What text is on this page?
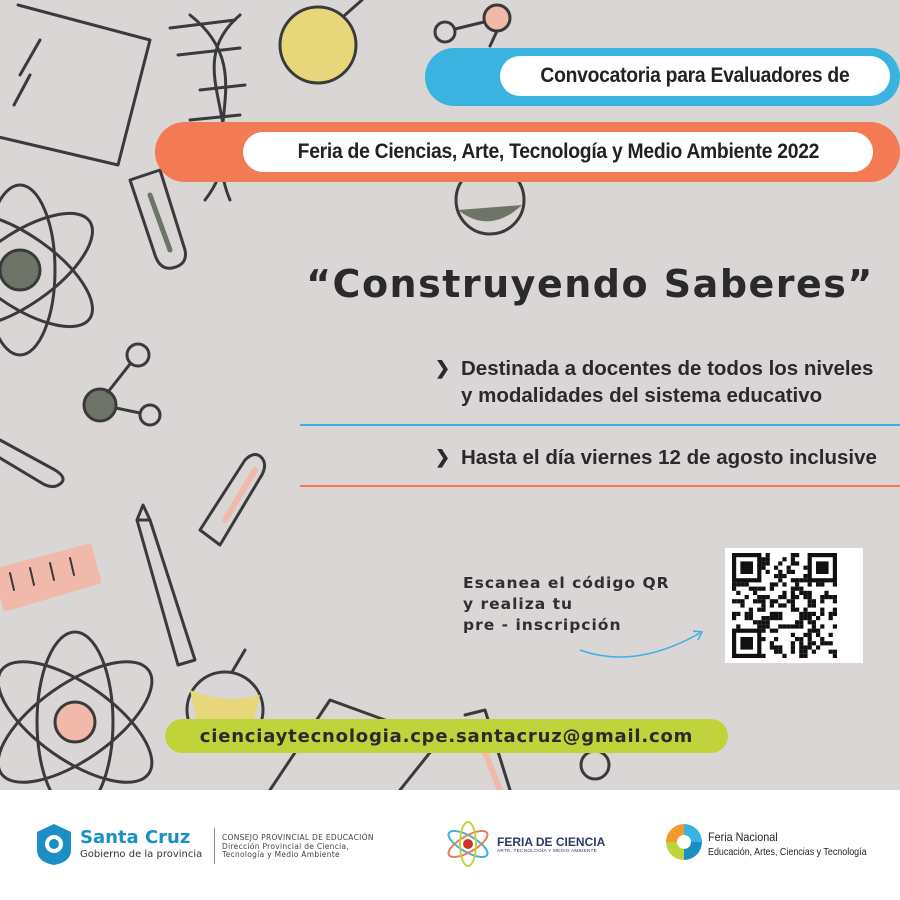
Convocatoria para Evaluadores de
Feria de Ciencias, Arte, Tecnología y Medio Ambiente 2022
“Construyendo Saberes”
❯ Destinada a docentes de todos los niveles
y modalidades del sistema educativo
❯ Hasta el día viernes 12 de agosto inclusive
Escanea el código QR
y realiza tu
pre - inscripción
cienciaytecnologia.cpe.santacruz@gmail.com
Santa Cruz
Gobierno de la provincia
CONSEJO PROVINCIAL DE EDUCACIÓN
Dirección Provincial de Ciencia,
Tecnología y Medio Ambiente
FERIA DE CIENCIA
ARTE, TECNOLOGÍA Y MEDIO AMBIENTE
Feria Nacional
Educación, Artes, Ciencias y Tecnología
